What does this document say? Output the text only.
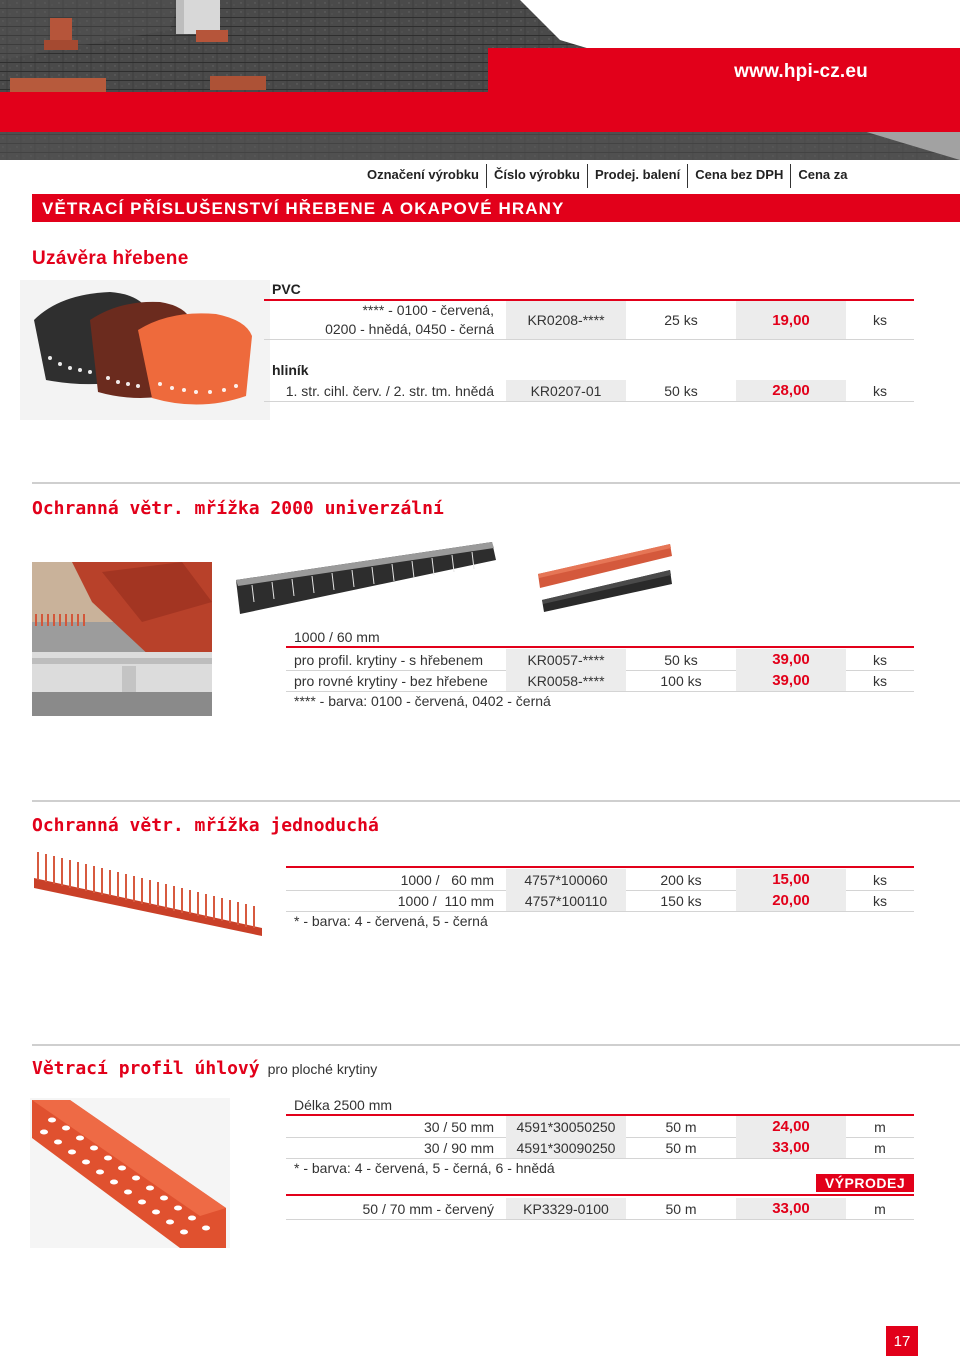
www.hpi-cz.eu
Označení výrobku	Číslo výrobku	Prodej. balení	Cena bez DPH	Cena za
VĚTRACÍ PŘÍSLUŠENSTVÍ HŘEBENE A OKAPOVÉ HRANY
Uzávěra hřebene
PVC
**** - 0100 - červená,
0200 - hnědá, 0450 - černá
KR0208-****	25 ks	19,00	ks
hliník
1. str. cihl. červ. / 2. str. tm. hnědá	KR0207-01	50 ks	28,00	ks
Ochranná větr. mřížka 2000 univerzální
1000 / 60 mm
pro profil. krytiny - s hřebenem	KR0057-****	50 ks	39,00	ks
pro rovné krytiny - bez hřebene	KR0058-****	100 ks	39,00	ks
**** - barva: 0100 - červená, 0402 - černá
Ochranná větr. mřížka jednoduchá
1000 /   60 mm	4757*100060	200 ks	15,00	ks
1000 /  110 mm	4757*100110	150 ks	20,00	ks
* - barva: 4 - červená, 5 - černá
Větrací profil úhlový pro ploché krytiny
Délka 2500 mm
30 / 50 mm	4591*30050250	50 m	24,00	m
30 / 90 mm	4591*30090250	50 m	33,00	m
* - barva: 4 - červená, 5 - černá, 6 - hnědá
VÝPRODEJ
50 / 70 mm - červený	KP3329-0100	50 m	33,00	m
17
